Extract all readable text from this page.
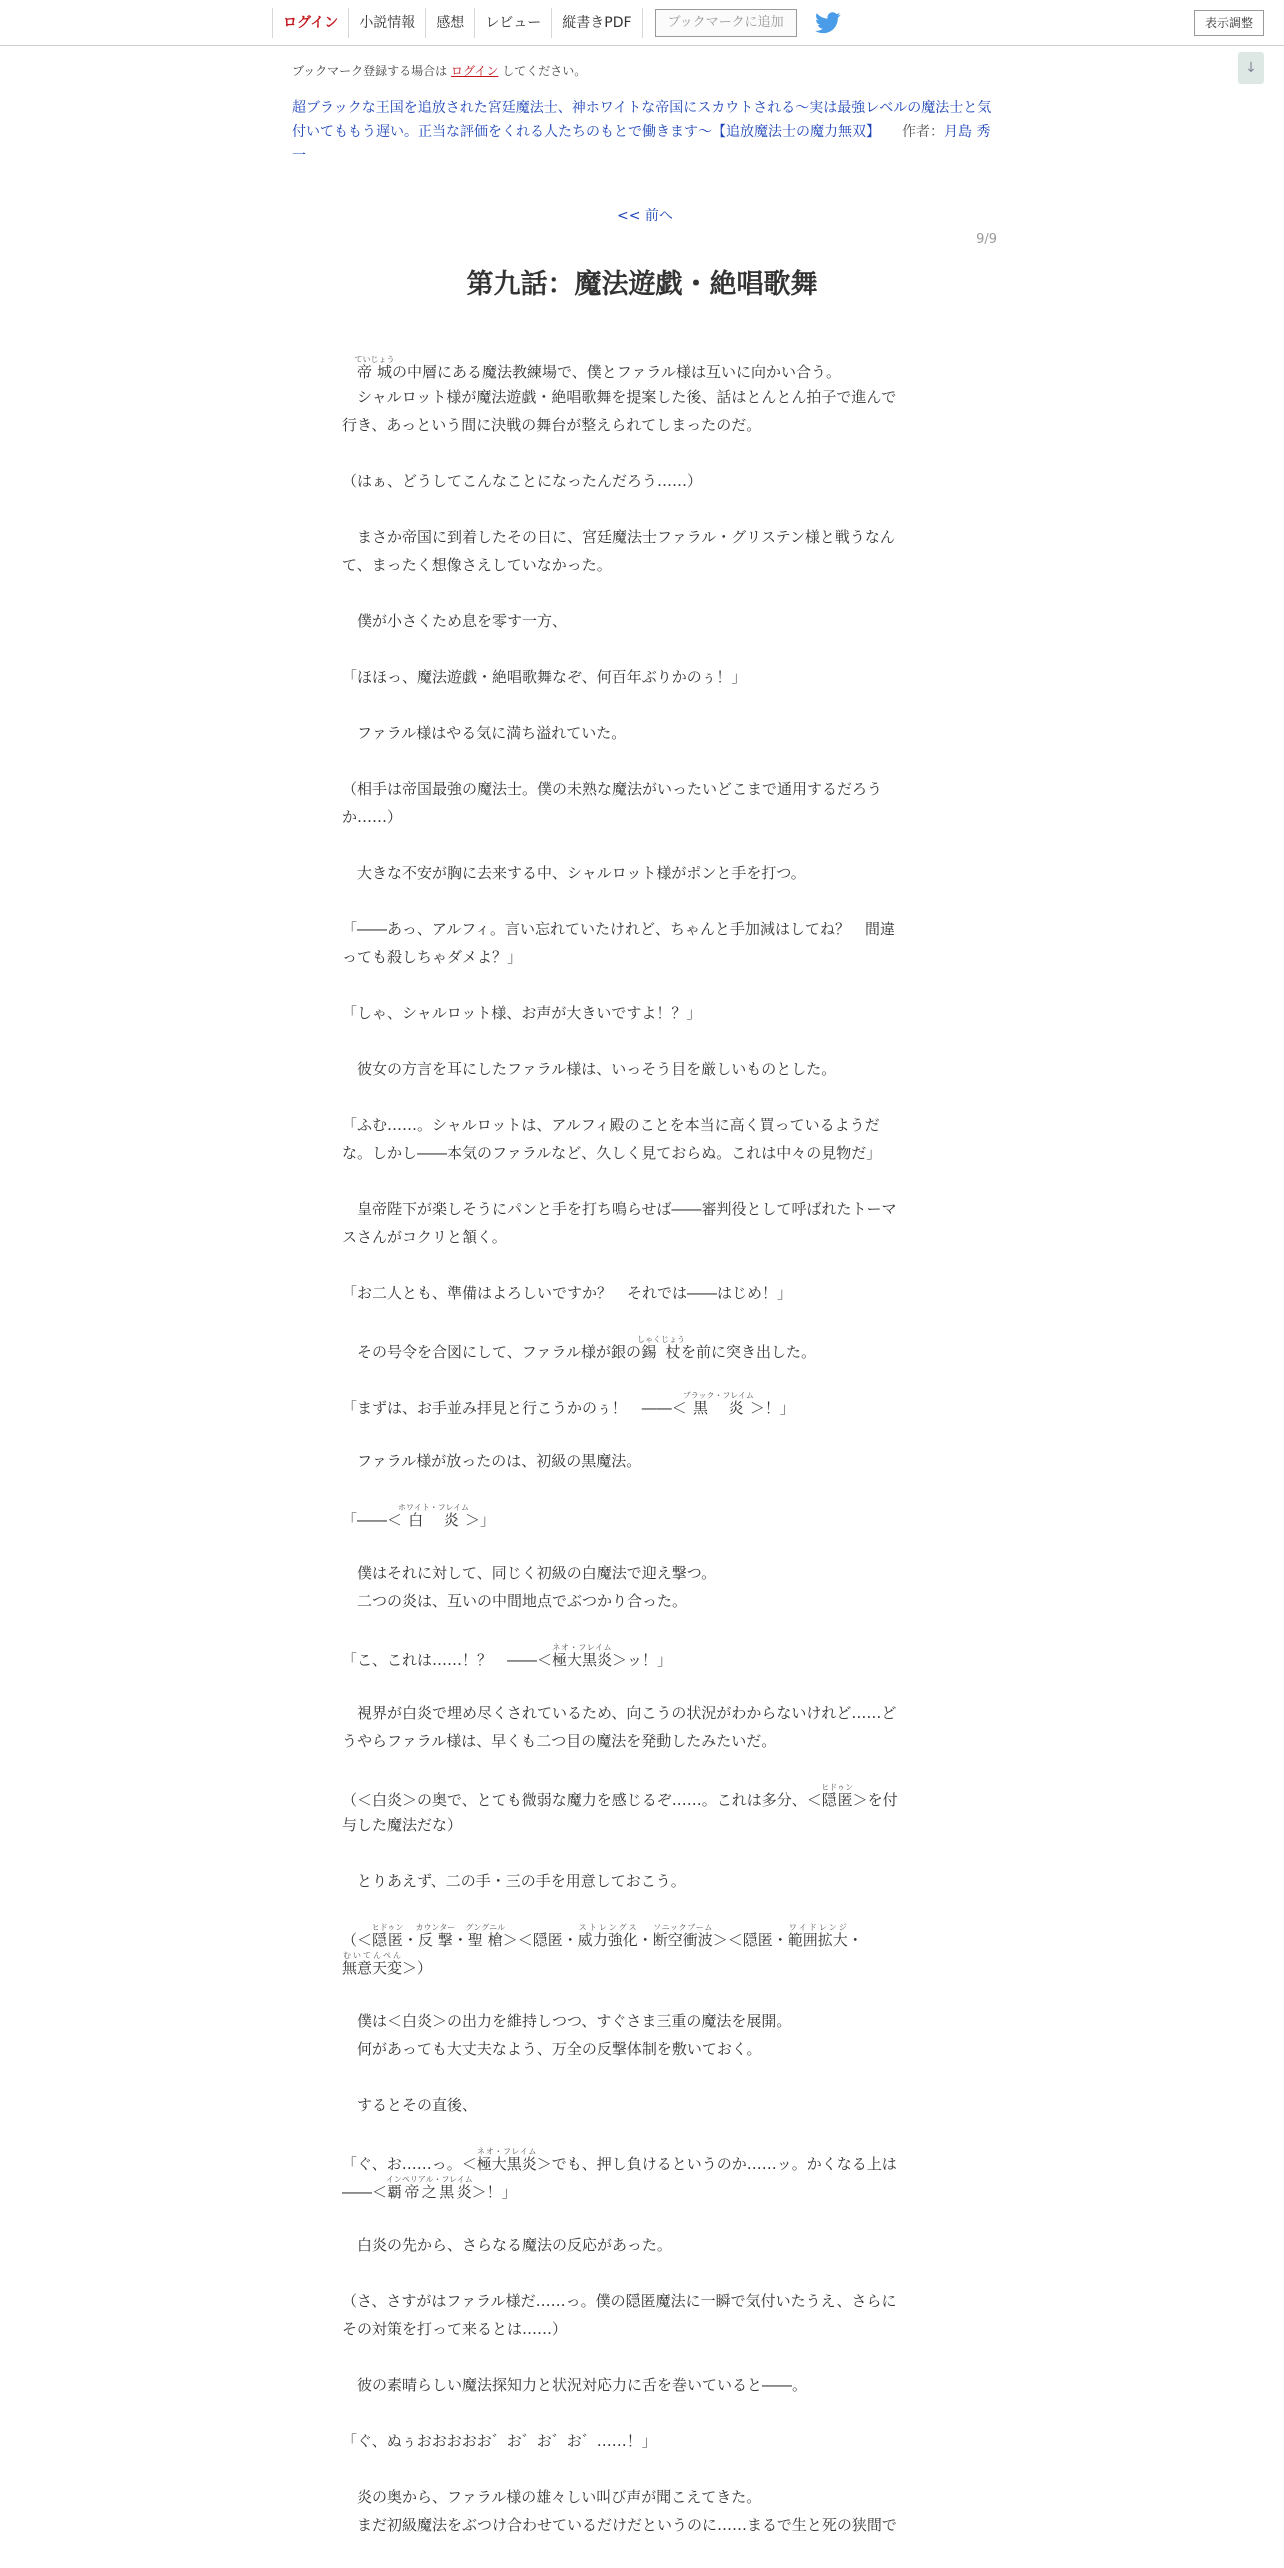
ログイン	小説情報	感想	レビュー	縦書きPDF	ブックマークに追加	表示調整
↓
ブックマーク登録する場合は ログイン してください。
超ブラックな王国を追放された宮廷魔法士、神ホワイトな帝国にスカウトされる～実は最強レベルの魔法士と気付いてももう遅い。正当な評価をくれる人たちのもとで働きます～【追放魔法士の魔力無双】 作者：月島 秀一
<< 前へ
9/9
第九話：魔法遊戯・絶唱歌舞
　帝城ていじょうの中層にある魔法教練場で、僕とファラル様は互いに向かい合う。
　シャルロット様が魔法遊戯・絶唱歌舞を提案した後、話はとんとん拍子で進んで
行き、あっという間に決戦の舞台が整えられてしまったのだ。
（はぁ、どうしてこんなことになったんだろう……）
　まさか帝国に到着したその日に、宮廷魔法士ファラル・グリステン様と戦うなん
て、まったく想像さえしていなかった。
　僕が小さくため息を零す一方、
「ほほっ、魔法遊戯・絶唱歌舞なぞ、何百年ぶりかのぅ！」
　ファラル様はやる気に満ち溢れていた。
（相手は帝国最強の魔法士。僕の未熟な魔法がいったいどこまで通用するだろう
か……）
　大きな不安が胸に去来する中、シャルロット様がポンと手を打つ。
「――あっ、アルフィ。言い忘れていたけれど、ちゃんと手加減はしてね？　間違
っても殺しちゃダメよ？」
「しゃ、シャルロット様、お声が大きいですよ！？」
　彼女の方言を耳にしたファラル様は、いっそう目を厳しいものとした。
「ふむ……。シャルロットは、アルフィ殿のことを本当に高く買っているようだ
な。しかし――本気のファラルなど、久しく見ておらぬ。これは中々の見物だ」
　皇帝陛下が楽しそうにパンと手を打ち鳴らせば――審判役として呼ばれたトーマ
スさんがコクリと頷く。
「お二人とも、準備はよろしいですか？　それでは――はじめ！」
　その号令を合図にして、ファラル様が銀の錫杖しゃくじょうを前に突き出した。
「まずは、お手並み拝見と行こうかのぅ！　――＜黒炎ブラック・フレイム＞！」
　ファラル様が放ったのは、初級の黒魔法。
「――＜白炎ホワイト・フレイム＞」
　僕はそれに対して、同じく初級の白魔法で迎え撃つ。
　二つの炎は、互いの中間地点でぶつかり合った。
「こ、これは……！？　――＜極大黒炎ネオ・フレイム＞ッ！」
　視界が白炎で埋め尽くされているため、向こうの状況がわからないけれど……ど
うやらファラル様は、早くも二つ目の魔法を発動したみたいだ。
（＜白炎＞の奥で、とても微弱な魔力を感じるぞ……。これは多分、＜隠匿ヒドゥン＞を付
与した魔法だな）
　とりあえず、二の手・三の手を用意しておこう。
（＜隠匿ヒドゥン・反撃カウンター・聖槍グングニル＞＜隠匿・威力強化ストレングス・断空衝波ソニックブーム＞＜隠匿・範囲拡大ワイドレンジ・
無意天変むいてんぺん＞）
　僕は＜白炎＞の出力を維持しつつ、すぐさま三重の魔法を展開。
　何があっても大丈夫なよう、万全の反撃体制を敷いておく。
　するとその直後、
「ぐ、お……っ。＜極大黒炎ネオ・フレイム＞でも、押し負けるというのか……ッ。かくなる上は
――＜覇帝之黒炎インペリアル・フレイム＞！」
　白炎の先から、さらなる魔法の反応があった。
（さ、さすがはファラル様だ……っ。僕の隠匿魔法に一瞬で気付いたうえ、さらに
その対策を打って来るとは……）
　彼の素晴らしい魔法探知力と状況対応力に舌を巻いていると――。
「ぐ、ぬぅおおおおお゛お゛お゛お゛……！」
　炎の奥から、ファラル様の雄々しい叫び声が聞こえてきた。
　まだ初級魔法をぶつけ合わせているだけだというのに……まるで生と死の狭間で
